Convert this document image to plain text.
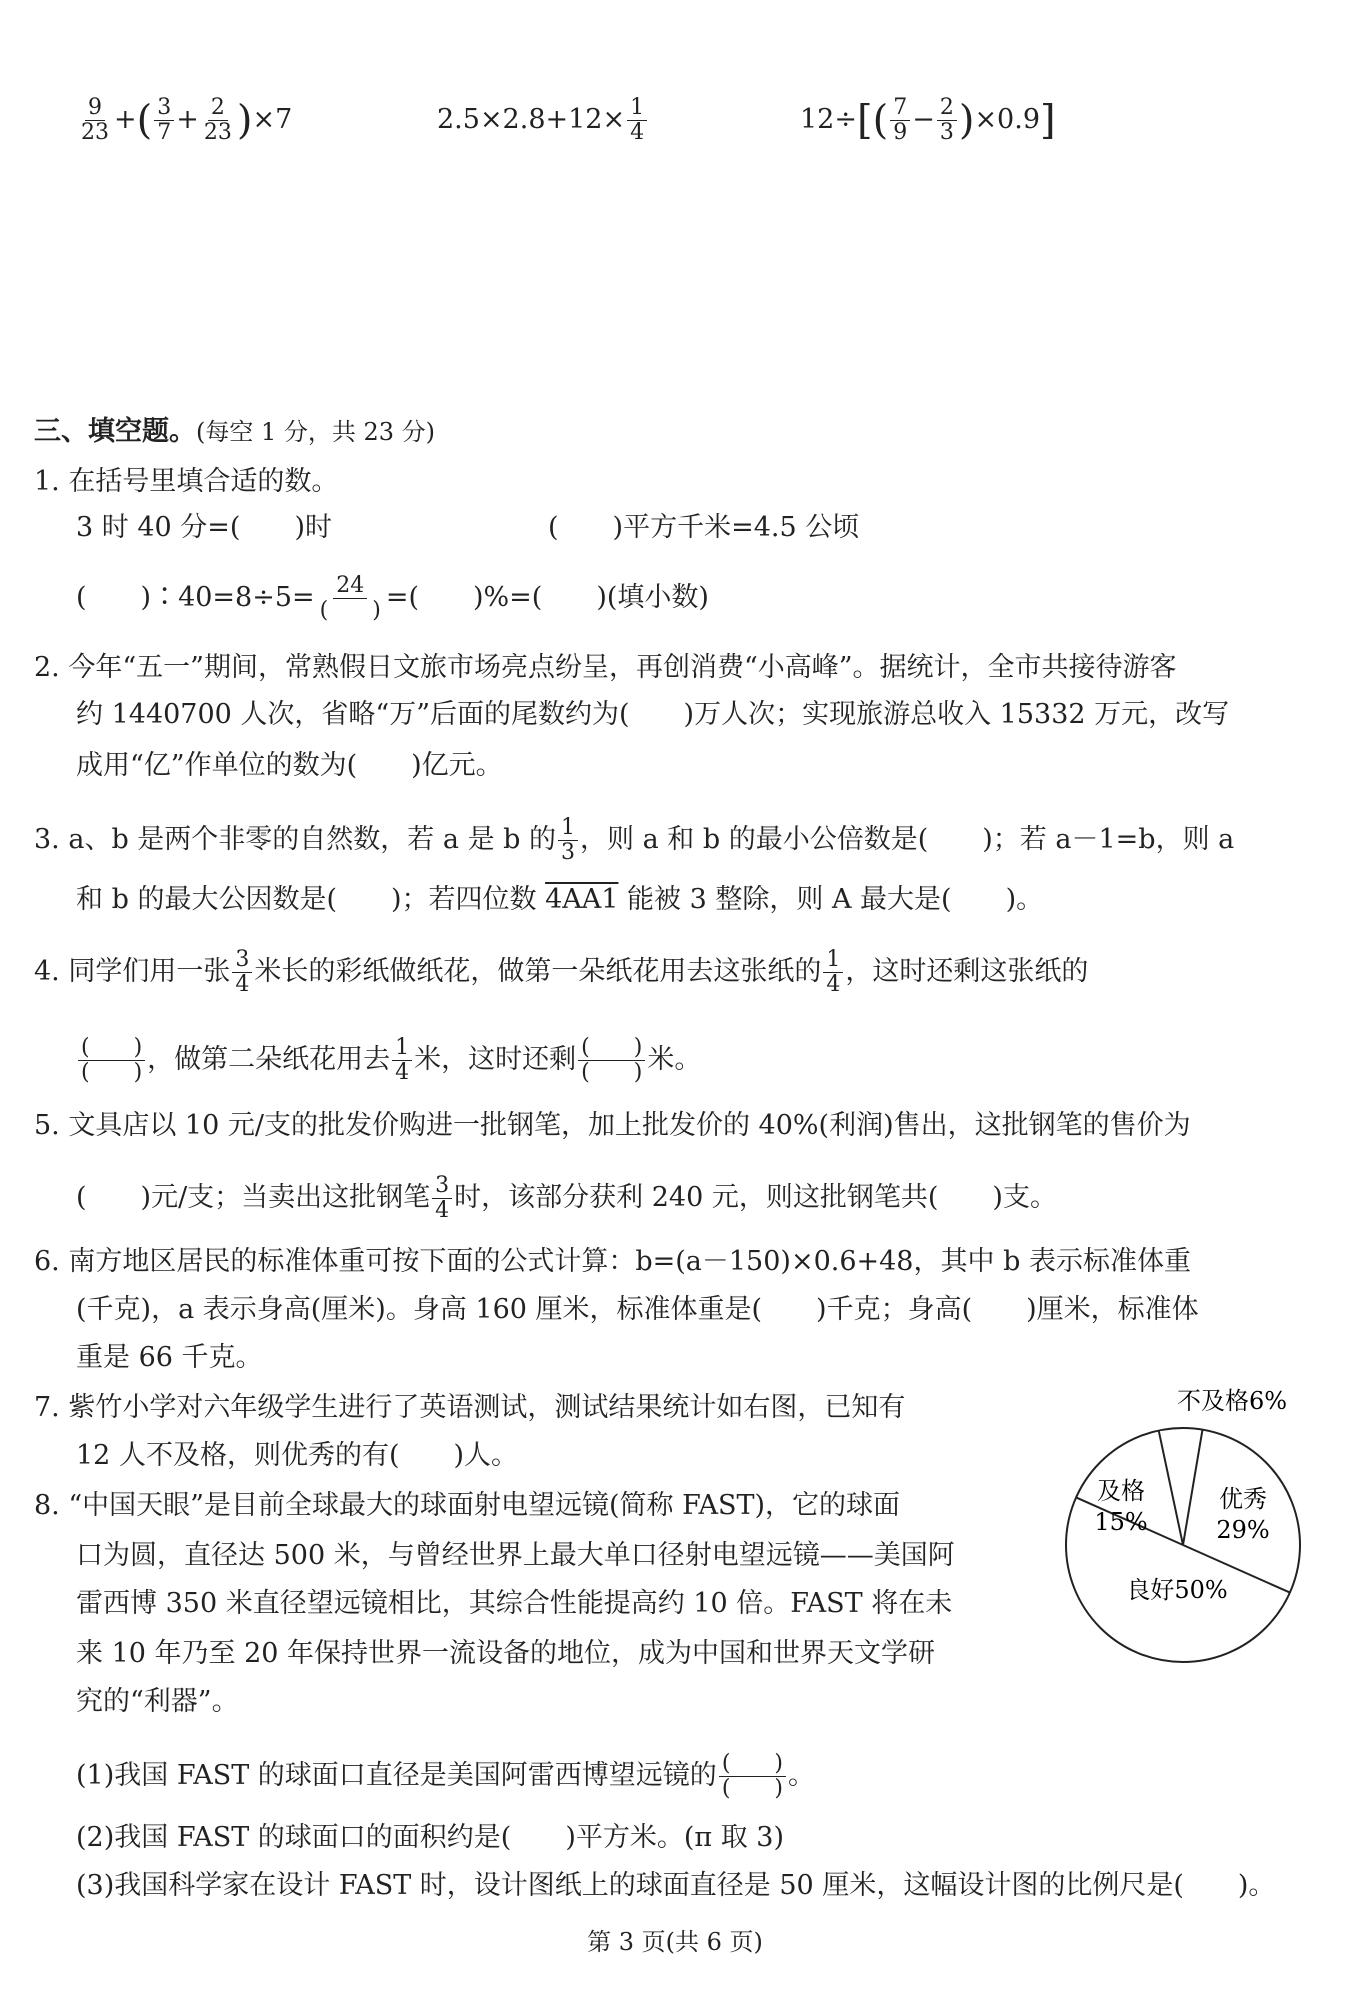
$\frac{9}{23}$ +( $\frac{3}{7} + \frac{2}{23} )\times 7$	$2.5\times 2.8+12\times \frac{1}{4}$	$12\div[( \frac{7}{9} - \frac{2}{3} )\times 0.9]$
三、填空题。(每空 1 分，共 23 分)
1. 在括号里填合适的数。
3 时 40 分=(　　)时	(　　)平方千米=4.5 公顷
(　　)∶40=8÷5= $\frac{24}{( )}$ =(　　)%=(　　)(填小数)
2. 今年“五一”期间，常熟假日文旅市场亮点纷呈，再创消费“小高峰”。据统计，全市共接待游客
约 1440700 人次，省略“万”后面的尾数约为(　　)万人次；实现旅游总收入 15332 万元，改写
成用“亿”作单位的数为(　　)亿元。
3. a、b 是两个非零的自然数，若 a 是 b 的 $\frac{1}{3}$ ，则 a 和 b 的最小公倍数是(　　)；若 a－1=b，则 a
和 b 的最大公因数是(　　)；若四位数 4AA1 能被 3 整除，则 A 最大是(　　)。
4. 同学们用一张 $\frac{3}{4}$ 米长的彩纸做纸花，做第一朵纸花用去这张纸的 $\frac{1}{4}$ ，这时还剩这张纸的
$\frac{( )}{( )}$ ，做第二朵纸花用去 $\frac{1}{4}$ 米，这时还剩 $\frac{( )}{( )}$ 米。
5. 文具店以 10 元/支的批发价购进一批钢笔，加上批发价的 40%(利润)售出，这批钢笔的售价为
(　　)元/支；当卖出这批钢笔 $\frac{3}{4}$ 时，该部分获利 240 元，则这批钢笔共(　　)支。
6. 南方地区居民的标准体重可按下面的公式计算：b=(a－150)×0.6+48，其中 b 表示标准体重
(千克)，a 表示身高(厘米)。身高 160 厘米，标准体重是(　　)千克；身高(　　)厘米，标准体
重是 66 千克。
7. 紫竹小学对六年级学生进行了英语测试，测试结果统计如右图，已知有
12 人不及格，则优秀的有(　　)人。
8. “中国天眼”是目前全球最大的球面射电望远镜(简称 FAST)，它的球面
口为圆，直径达 500 米，与曾经世界上最大单口径射电望远镜——美国阿
雷西博 350 米直径望远镜相比，其综合性能提高约 10 倍。FAST 将在未
来 10 年乃至 20 年保持世界一流设备的地位，成为中国和世界天文学研
究的“利器”。
(1)我国 FAST 的球面口直径是美国阿雷西博望远镜的 $\frac{( )}{( )}$ 。
(2)我国 FAST 的球面口的面积约是(　　)平方米。(π 取 3)
(3)我国科学家在设计 FAST 时，设计图纸上的球面直径是 50 厘米，这幅设计图的比例尺是(　　)。
不及格6%
及格
15%
优秀
29%
良好50%
第 3 页(共 6 页)
